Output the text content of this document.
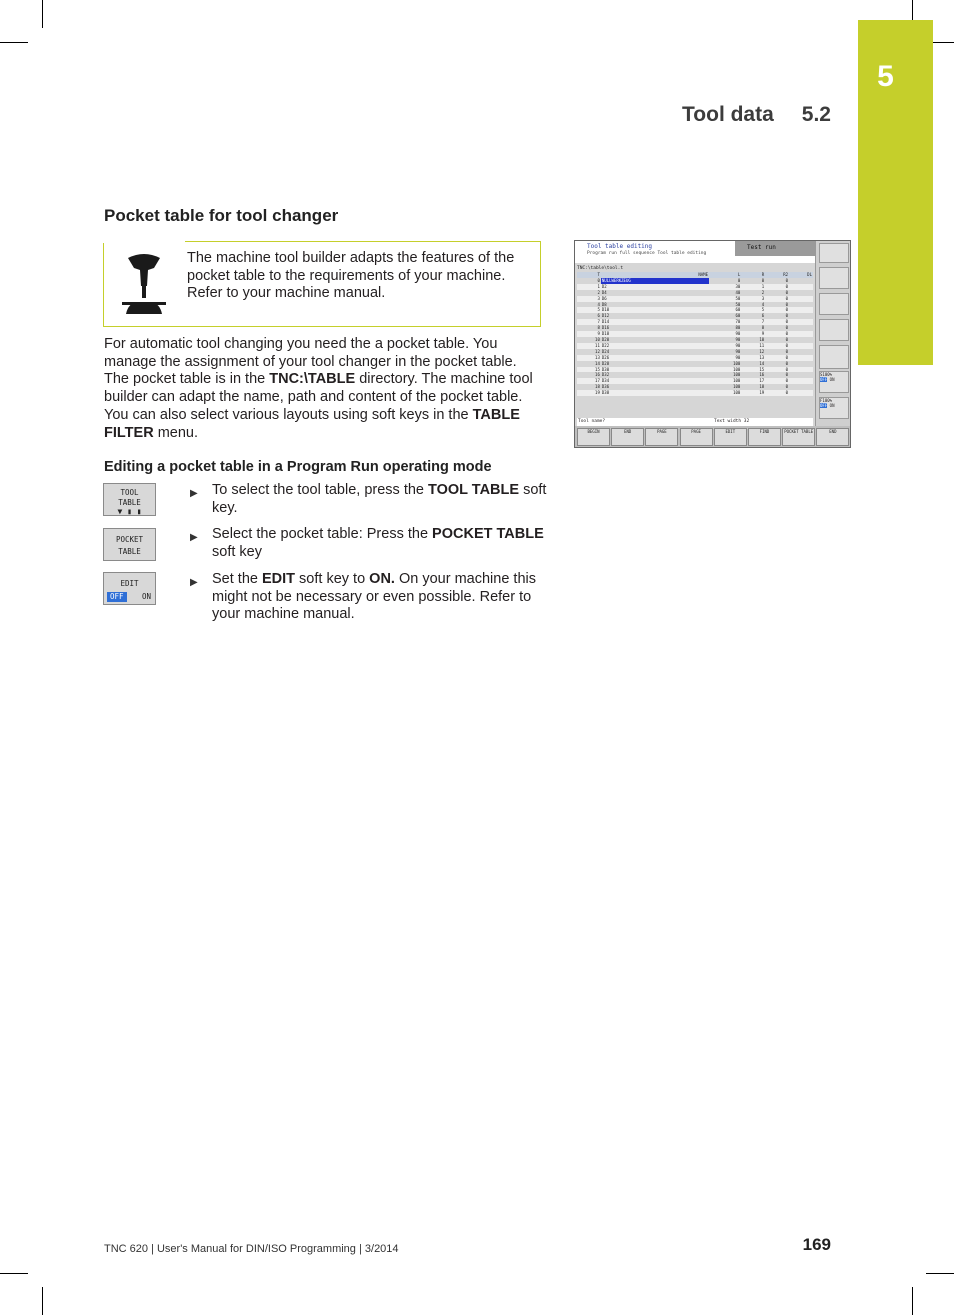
5
Tool data 5.2
Pocket table for tool changer
The machine tool builder adapts the features of the pocket table to the requirements of your machine. Refer to your machine manual.
For automatic tool changing you need the a pocket table. You manage the assignment of your tool changer in the pocket table. The pocket table is in the TNC:\TABLE directory. The machine tool builder can adapt the name, path and content of the pocket table. You can also select various layouts using soft keys in the TABLE FILTER menu.
Editing a pocket table in a Program Run operating mode
TOOL
TABLE
▼ ▮ ▮
POCKET
TABLE
EDIT
OFF	ON
▶ To select the tool table, press the TOOL TABLE soft key.
▶ Select the pocket table: Press the POCKET TABLE soft key
▶ Set the EDIT soft key to ON. On your machine this might not be necessary or even possible. Refer to your machine manual.
Tool table editing
Program run full sequence Tool table editing
Test run
TNC:\table\tool.t
T	NAME	L	R	R2	DL
0	NULLWERKZEUG	0	0	0	
1	D2	30	1	0	
2	D4	40	2	0	
3	D6	50	3	0	
4	D8	50	4	0	
5	D10	60	5	0	
6	D12	60	6	0	
7	D14	70	7	0	
8	D16	80	8	0	
9	D18	90	9	0	
10	D20	90	10	0	
11	D22	90	11	0	
12	D24	90	12	0	
13	D26	90	13	0	
14	D28	100	14	0	
15	D30	100	15	0	
16	D32	100	16	0	
17	D34	100	17	0	
18	D36	100	18	0	
19	D38	100	19	0	
Tool name?	Text width 32
S100%
OFF ON
F100%
OFF ON
BEGIN	END	PAGE	PAGE	EDIT	FIND	POCKET TABLE	END
TNC 620 | User's Manual for DIN/ISO Programming | 3/2014	169
